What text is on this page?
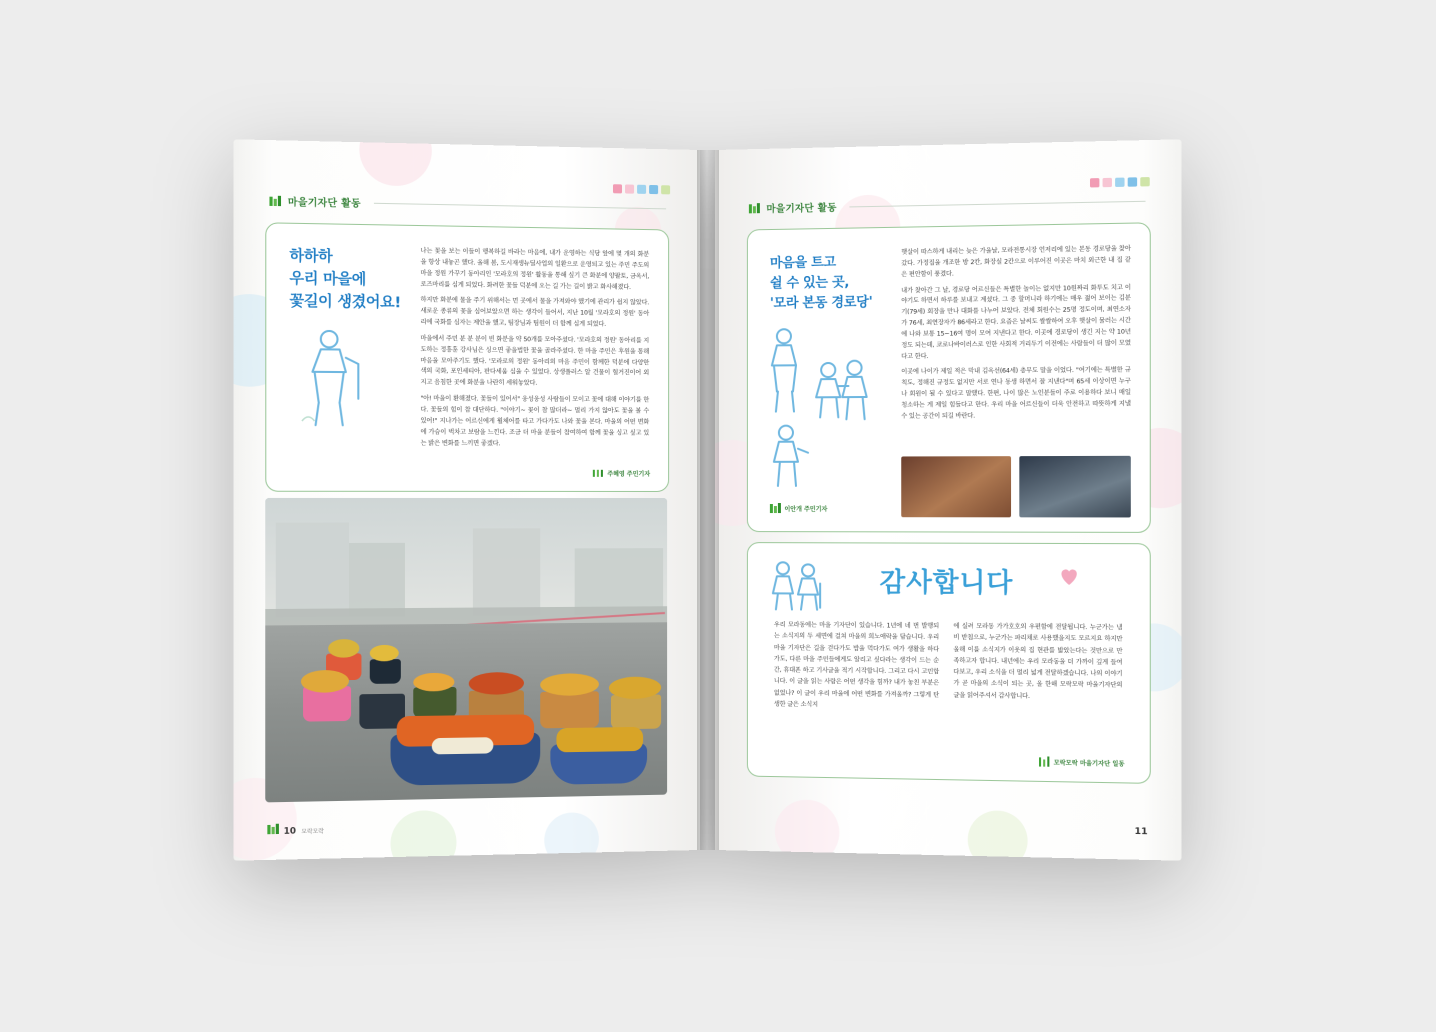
마을기자단 활동
하하하
우리 마을에
꽃길이 생겼어요!

나는 꽃을 보는 이들이 행복하길 바라는 마음에, 내가 운영하는 식당 앞에 몇 개의 화분을 항상 내놓곤 했다. 올해 봄, 도시재생뉴딜사업의 일환으로 운영되고 있는 주민 주도의 마을 정원 가꾸기 동아리인 '모라호의 정원' 활동을 통해 싶기 큰 화분에 양팔토, 금옥서, 로즈마리를 심게 되었다. 화려한 꽃들 덕분에 오는 길 가는 길이 밝고 화사해졌다.

하지만 화분에 물을 주기 위해서는 먼 곳에서 물을 가져와야 했기에 관리가 쉽지 않았다. 새로운 종류의 꽃을 심어보았으면 하는 생각이 들어서, 지난 10월 '모라호의 정원' 동아리에 국화를 심자는 제안을 했고, 팀장님과 팀원이 더 함께 심게 되었다.

마을에서 주민 분 분 분이 빈 화분을 약 50개를 모아주셨다. '모라호의 정원' 동아리를 지도하는 정흥훈 강사님은 싱으면 좋을법한 꽃을 골라주셨다. 한 마을 주민은 후원을 통해 마음을 모아주기도 했다. '모라로의 정원' 동아리의 마음 주민이 함께한 덕분에 다양한 색의 국화, 포인세티아, 판다세움 심을 수 있었다. 상생플러스 알 건물이 헐거진이어 외지고 음침한 곳에 화분을 나란히 세워놓았다.

"아! 마을이 환해졌다. 꽃들이 있어서" 웅성웅성 사람들이 모이고 꽃에 대해 이야기를 한다. 꽃들의 힘이 참 대단하다. "이야기~ 꽃이 참 많더라~ 멀리 가지 않아도 꽃을 볼 수 있어!" 지나가는 어르신에게 휠체어를 타고 가다가도 나와 꽃을 본다. 마을의 어떤 변화에 가슴이 벅차고 보람을 느낀다. 조금 더 마을 분들이 참여하여 함께 꽃을 싱고 싶고 있는 밝은 변화를 느끼면 좋겠다.

주혜영 주민기자
10 모락모락
마을기자단 활동
마음을 트고
쉴 수 있는 곳,
'모라 본동 경로당'

햇살이 따스하게 내리는 늦은 가을날, 모라전통시장 언저리에 있는 본동 경로당을 찾아갔다. 가정집을 개조한 방 2칸, 화장실 2칸으로 이루어진 이곳은 마치 외근한 내 집 같은 편안함이 풍겼다.

내가 찾아간 그 날, 경로당 어르신들은 특별한 놀이는 없지만 10원짜리 화투도 치고 이야기도 하면서 하루를 보내고 계셨다. 그 중 할머니라 하기에는 매우 젊어 보이는 김분기(79세) 회장을 만나 대화를 나누어 보았다. 전체 회원수는 25명 정도이며, 최연소자가 76세, 최연장자가 86세라고 한다. 요즘은 날씨도 쌀쌀하여 오후 햇살이 물러는 시간에 나와 보통 15~16여 명이 모여 지낸다고 한다. 이곳에 경로당이 생긴 지는 약 10년 정도 되는데, 코로나바이러스로 인한 사회적 거리두기 이전에는 사람들이 더 많이 모였다고 한다.

이곳에 나이가 제일 적은 막내 김옥선(64세) 총무도 말을 이었다. "여기에는 특별한 규칙도, 정해진 규정도 없지만 서로 연나 동생 하면서 잘 지낸다"며 65세 이상이면 누구나 회원이 될 수 있다고 말했다. 한편, 나이 많은 노인분들이 주로 이용하다 보니 매일 청소하는 게 제일 힘들다고 한다. 우리 마을 어르신들이 더욱 안전하고 따뜻하게 지낼 수 있는 공간이 되길 바란다.

이안개 주민기자
감사합니다
우리 모라동에는 마을 기자단이 있습니다. 1년에 네 번 발행되는 소식지의 두 세면에 걸쳐 마을의 희노애락을 담습니다. 우리 마을 기자단은 길을 걷다가도 밥을 먹다가도 여가 생활을 하다가도, 다른 마을 주민들에게도 알리고 싶다라는 생각이 드는 순간, 휴대폰 하고 기사글을 적기 시작합니다. 그리고 다시 고민합니다. 이 글을 읽는 사람은 어떤 생각을 힘까? 내가 놓친 부분은 없었나? 이 글이 우리 마을에 어떤 변화를 가져올까? 그렇게 탄생한 글은 소식지
에 실려 모라동 가가호호의 우편함에 전달됩니다. 누군가는 냄비 받침으로, 누군가는 파리채로 사용했을지도 모르지요 하지만 올해 이를 소식지가 이웃의 집 현관를 밟았는다는 것만으로 만족하고자 합니다. 내년에는 우리 모라동을 더 가까이 깊게 들여다보고, 우리 소식을 더 멀리 넓게 전달하겠습니다. 나의 이야기가 곧 마을의 소식이 되는 곳, 올 한해 모락모락 마을기자단의 글을 읽어주셔서 감사합니다.
모락모락 마을기자단 일동
11
